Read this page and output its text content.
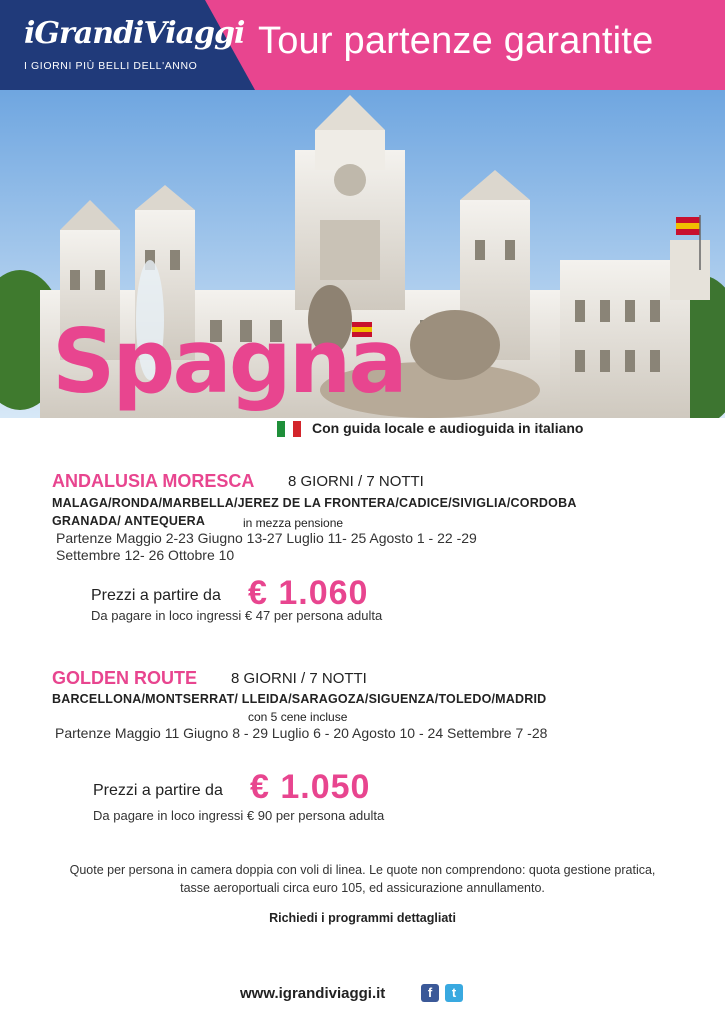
iGrandiViaggi
I GIORNI PIÙ BELLI DELL'ANNO
Tour partenze garantite
Spagna
Con guida locale e audioguida in italiano
ANDALUSIA MORESCA 8 GIORNI / 7 NOTTI
MALAGA/RONDA/MARBELLA/JEREZ DE LA FRONTERA/CADICE/SIVIGLIA/CORDOBA
GRANADA/ ANTEQUERA	in mezza pensione
Partenze Maggio 2-23 Giugno 13-27 Luglio 11- 25 Agosto 1 - 22 -29
Settembre 12- 26 Ottobre 10
Prezzi a partire da € 1.060
Da pagare in loco ingressi € 47 per persona adulta
GOLDEN ROUTE 8 GIORNI / 7 NOTTI
BARCELLONA/MONTSERRAT/ LLEIDA/SARAGOZA/SIGUENZA/TOLEDO/MADRID
con 5 cene incluse
Partenze Maggio 11 Giugno 8 - 29 Luglio 6 - 20 Agosto 10 - 24 Settembre 7 -28
Prezzi a partire da € 1.050
Da pagare in loco ingressi € 90 per persona adulta
Quote per persona in camera doppia con voli di linea. Le quote non comprendono: quota gestione pratica,
tasse aeroportuali circa euro 105, ed assicurazione annullamento.
Richiedi i programmi dettagliati
www.igrandiviaggi.it	f	t
